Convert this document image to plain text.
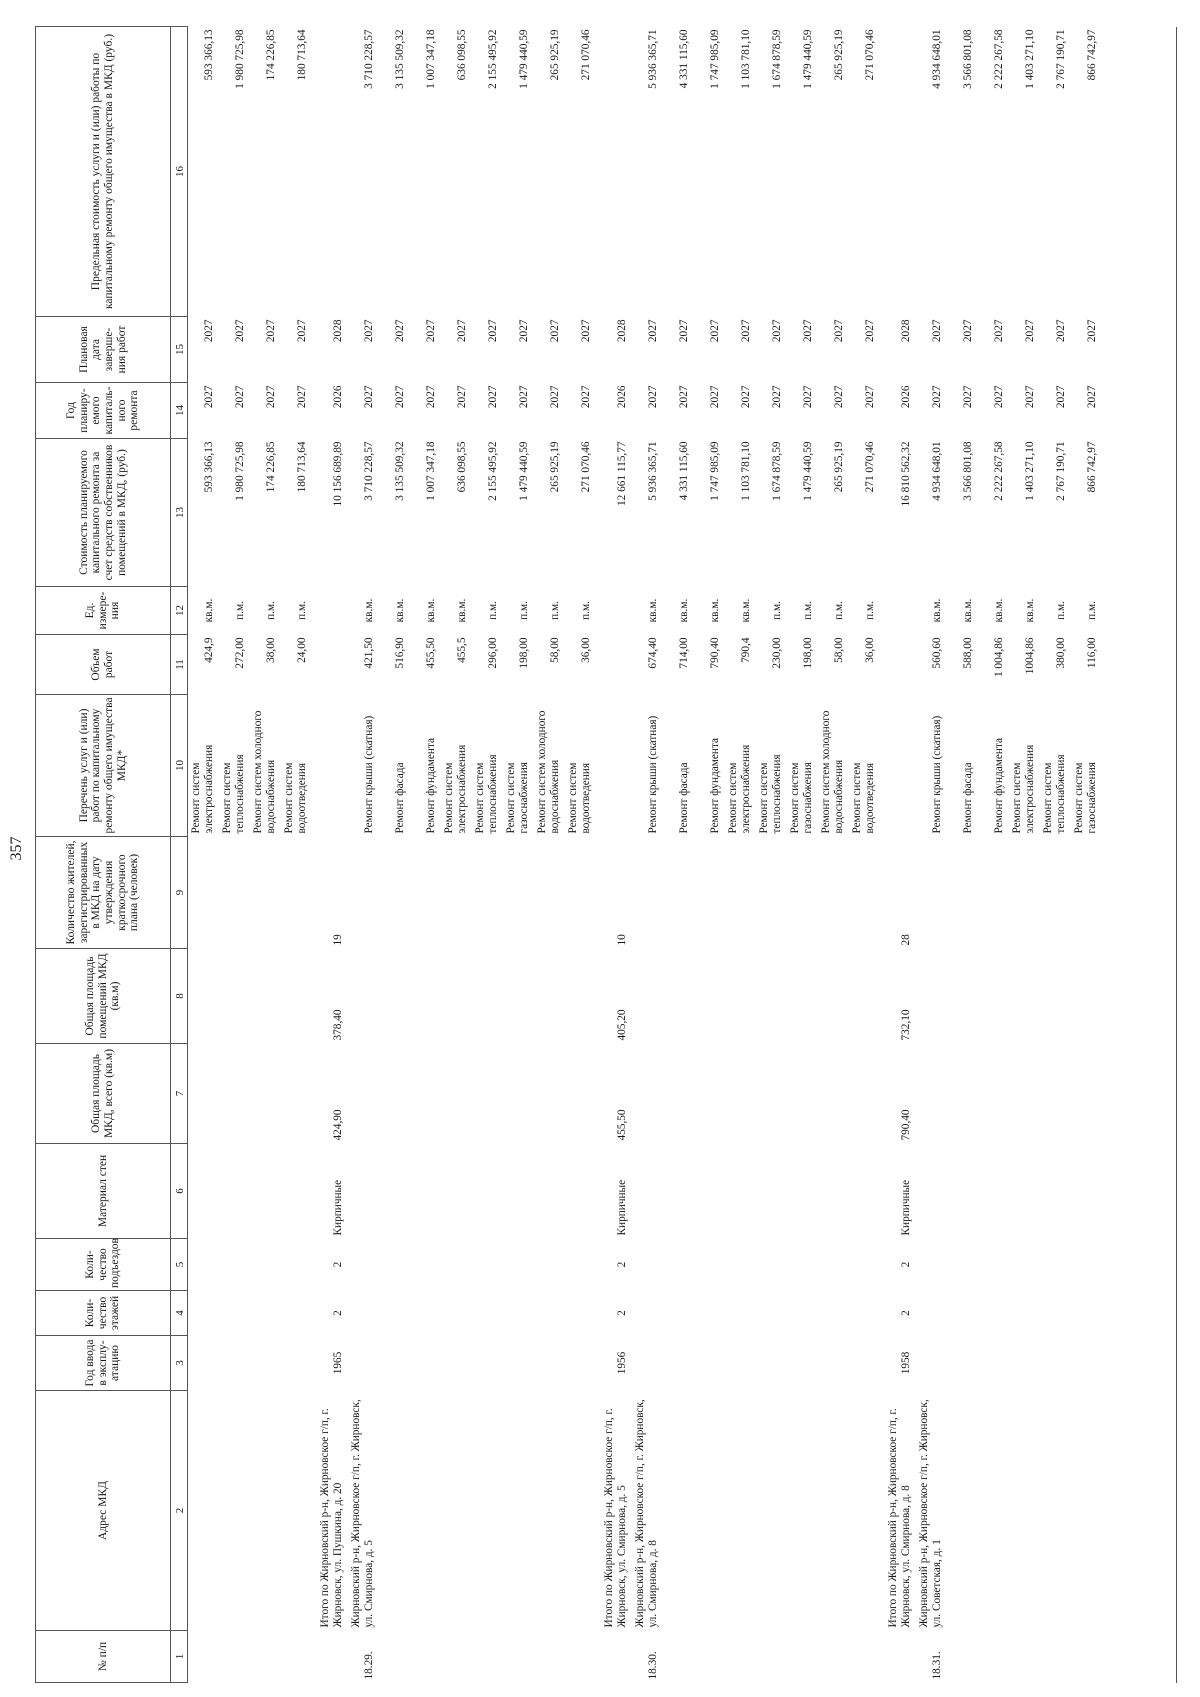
357
№ п/п	Адрес МКД	Год ввода в эксплу-атацию	Коли-чество этажей	Коли-чество подъездов	Материал стен	Общая площадь МКД, всего (кв.м)	Общая площадь помещений МКД (кв.м)	Количество жителей, зарегистрированных в МКД на дату утверждения краткосрочного плана (человек)	Перечень услуг и (или) работ по капитальному ремонту общего имущества МКД*	Объем работ	Ед. измере-ния	Стоимость планируемого капитального ремонта за счет средств собственников помещений в МКД, (руб.)	Год планиру-емого капиталь-ного ремонта	Плановая дата заверше-ния работ	Предельная стоимость услуги и (или) работы по капитальному ремонту общего имущества в МКД (руб.)
1	2	3	4	5	6	7	8	9	10	11	12	13	14	15	16
									Ремонт систем электроснабжения	424,9	кв.м.	593 366,13	2027	2027	593 366,13
									Ремонт систем теплоснабжения	272,00	п.м.	1 980 725,98	2027	2027	1 980 725,98
									Ремонт систем холодного водоснабжения	38,00	п.м.	174 226,85	2027	2027	174 226,85
									Ремонт систем водоотведения	24,00	п.м.	180 713,64	2027	2027	180 713,64
	Итого по Жирновский р-н, Жирновское г/п, г. Жирновск, ул. Пушкина, д. 20	1965	2	2	Кирпичные	424,90	378,40	19				10 156 689,89	2026	2028	
18.29.	Жирновский р-н, Жирновское г/п, г. Жирновск, ул. Смирнова, д. 5								Ремонт крыши (скатная)	421,50	кв.м.	3 710 228,57	2027	2027	3 710 228,57
									Ремонт фасада	516,90	кв.м.	3 135 509,32	2027	2027	3 135 509,32
									Ремонт фундамента	455,50	кв.м.	1 007 347,18	2027	2027	1 007 347,18
									Ремонт систем электроснабжения	455,5	кв.м.	636 098,55	2027	2027	636 098,55
									Ремонт систем теплоснабжения	296,00	п.м.	2 155 495,92	2027	2027	2 155 495,92
									Ремонт систем газоснабжения	198,00	п.м.	1 479 440,59	2027	2027	1 479 440,59
									Ремонт систем холодного водоснабжения	58,00	п.м.	265 925,19	2027	2027	265 925,19
									Ремонт систем водоотведения	36,00	п.м.	271 070,46	2027	2027	271 070,46
	Итого по Жирновский р-н, Жирновское г/п, г. Жирновск, ул. Смирнова, д. 5	1956	2	2	Кирпичные	455,50	405,20	10				12 661 115,77	2026	2028	
18.30.	Жирновский р-н, Жирновское г/п, г. Жирновск, ул. Смирнова, д. 8								Ремонт крыши (скатная)	674,40	кв.м.	5 936 365,71	2027	2027	5 936 365,71
									Ремонт фасада	714,00	кв.м.	4 331 115,60	2027	2027	4 331 115,60
									Ремонт фундамента	790,40	кв.м.	1 747 985,09	2027	2027	1 747 985,09
									Ремонт систем электроснабжения	790,4	кв.м.	1 103 781,10	2027	2027	1 103 781,10
									Ремонт систем теплоснабжения	230,00	п.м.	1 674 878,59	2027	2027	1 674 878,59
									Ремонт систем газоснабжения	198,00	п.м.	1 479 440,59	2027	2027	1 479 440,59
									Ремонт систем холодного водоснабжения	58,00	п.м.	265 925,19	2027	2027	265 925,19
									Ремонт систем водоотведения	36,00	п.м.	271 070,46	2027	2027	271 070,46
	Итого по Жирновский р-н, Жирновское г/п, г. Жирновск, ул. Смирнова, д. 8	1958	2	2	Кирпичные	790,40	732,10	28				16 810 562,32	2026	2028	
18.31.	Жирновский р-н, Жирновское г/п, г. Жирновск, ул. Советская, д. 1								Ремонт крыши (скатная)	560,60	кв.м.	4 934 648,01	2027	2027	4 934 648,01
									Ремонт фасада	588,00	кв.м.	3 566 801,08	2027	2027	3 566 801,08
									Ремонт фундамента	1 004,86	кв.м.	2 222 267,58	2027	2027	2 222 267,58
									Ремонт систем электроснабжения	1004,86	кв.м.	1 403 271,10	2027	2027	1 403 271,10
									Ремонт систем теплоснабжения	380,00	п.м.	2 767 190,71	2027	2027	2 767 190,71
									Ремонт систем газоснабжения	116,00	п.м.	866 742,97	2027	2027	866 742,97
